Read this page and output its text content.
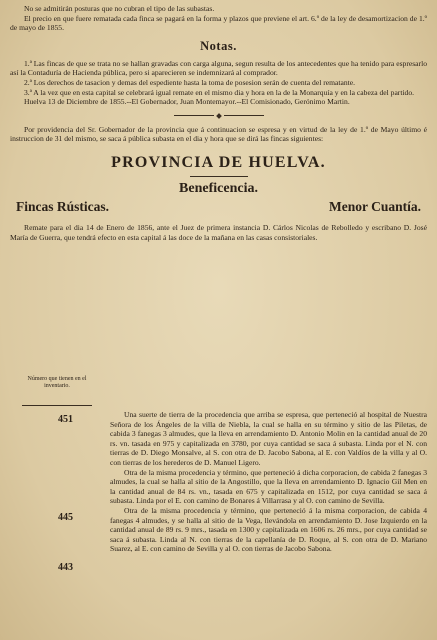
No se admitirán posturas que no cubran el tipo de las subastas.

El precio en que fuere rematada cada finca se pagará en la forma y plazos que previene el art. 6.º de la ley de desamortizacion de 1.º de mayo de 1855.

Notas.

1.ª Las fincas de que se trata no se hallan gravadas con carga alguna, segun resulta de los antecedentes que ha tenido para espresarlo así la Contaduría de Hacienda pública, pero si aparecieren se indemnizará al comprador.

2.ª Los derechos de tasacion y demas del espediente hasta la toma de posesion serán de cuenta del rematante.

3.ª A la vez que en esta capital se celebrará igual remate en el mismo dia y hora en la de la Monarquía y en la cabeza del partido.

Huelva 13 de Diciembre de 1855.--El Gobernador, Juan Montemayor.--El Comisionado, Gerónimo Martin.

Por providencia del Sr. Gobernador de la provincia que á continuacion se espresa y en virtud de la ley de 1.º de Mayo último é instruccion de 31 del mismo, se saca á pública subasta en el dia y hora que se dirá las fincas siguientes:

PROVINCIA DE HUELVA.
Beneficencia.
Fincas Rústicas.	Menor Cuantía.

Remate para el dia 14 de Enero de 1856, ante el Juez de primera instancia D. Cárlos Nicolas de Rebolledo y escribano D. José María de Guerra, que tendrá efecto en esta capital á las doce de la mañana en las casas consistoriales.

Número que tienen en el inventario.
451
445
443

Una suerte de tierra de la procedencia que arriba se espresa, que perteneció al hospital de Nuestra Señora de los Ángeles de la villa de Niebla, la cual se halla en su término y sitio de las Piletas, de cabida 3 fanegas 3 almudes, que la lleva en arrendamiento D. Antonio Molin en la cantidad anual de 20 rs. vn. tasada en 975 y capitalizada en 3780, por cuya cantidad se saca á subasta. Linda por el N. con tierras de D. Diego Monsalve, al S. con otra de D. Jacobo Sabona, al E. con Valdíos de la villa y al O. con tierras de los herederos de D. Manuel Ligero.

Otra de la misma procedencia y término, que perteneció á dicha corporacion, de cabida 2 fanegas 3 almudes, la cual se halla al sitio de la Angostillo, que la lleva en arrendamiento D. Ignacio Gil Men en la cantidad anual de 84 rs. vn., tasada en 675 y capitalizada en 1512, por cuya cantidad se saca á subasta. Linda por el E. con camino de Bonares á Villarrasa y al O. con camino de Sevilla.

Otra de la misma procedencia y término, que perteneció á la misma corporacion, de cabida 4 fanegas 4 almudes, y se halla al sitio de la Vega, llevándola en arrendamiento D. Jose Izquierdo en la cantidad anual de 89 rs. 9 mrs., tasada en 1300 y capitalizada en 1606 rs. 26 mrs., por cuya cantidad se saca á subasta. Linda al N. con tierras de la capellanía de D. Roque, al S. con otra de D. Mariano Suarez, al E. con camino de Sevilla y al O. con tierras de Jacobo Sabona.
